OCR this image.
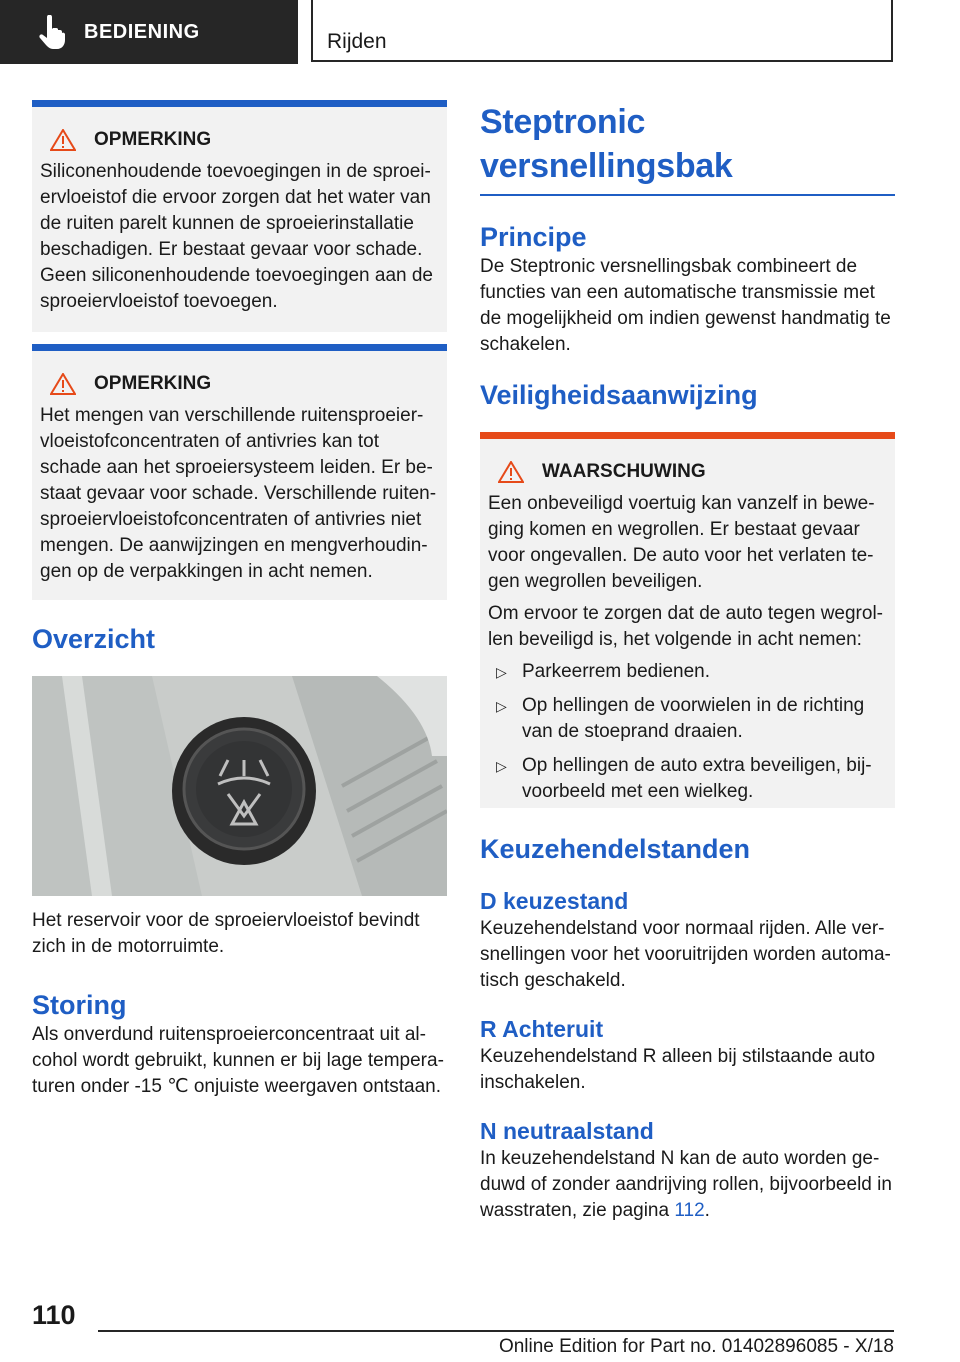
BEDIENING	Rijden
OPMERKING

Siliconenhoudende toevoegingen in de sproei-ervloeistof die ervoor zorgen dat het water van de ruiten parelt kunnen de sproeierinstallatie beschadigen. Er bestaat gevaar voor schade. Geen siliconenhoudende toevoegingen aan de sproeiervloeistof toevoegen.

OPMERKING

Het mengen van verschillende ruitensproeier-vloeistofconcentraten of antivries kan tot schade aan het sproeiersysteem leiden. Er be-staat gevaar voor schade. Verschillende ruiten-sproeiervloeistofconcentraten of antivries niet mengen. De aanwijzingen en mengverhoudin-gen op de verpakkingen in acht nemen.

Overzicht

Het reservoir voor de sproeiervloeistof bevindt zich in de motorruimte.

Storing

Als onverdund ruitensproeierconcentraat uit al-cohol wordt gebruikt, kunnen er bij lage tempera-turen onder -15 ℃ onjuiste weergaven ontstaan.

Steptronic versnellingsbak
Principe

De Steptronic versnellingsbak combineert de functies van een automatische transmissie met de mogelijkheid om indien gewenst handmatig te schakelen.

Veiligheidsaanwijzing
WAARSCHUWING

Een onbeveiligd voertuig kan vanzelf in bewe-ging komen en wegrollen. Er bestaat gevaar voor ongevallen. De auto voor het verlaten te-gen wegrollen beveiligen.

Om ervoor te zorgen dat de auto tegen wegrol-len beveiligd is, het volgende in acht nemen:

▷ Parkeerrem bedienen.
▷ Op hellingen de voorwielen in de richting van de stoeprand draaien.
▷ Op hellingen de auto extra beveiligen, bij-voorbeeld met een wielkeg.
Keuzehendelstanden
D keuzestand

Keuzehendelstand voor normaal rijden. Alle ver-snellingen voor het vooruitrijden worden automa-tisch geschakeld.

R Achteruit

Keuzehendelstand R alleen bij stilstaande auto inschakelen.

N neutraalstand

In keuzehendelstand N kan de auto worden ge-duwd of zonder aandrijving rollen, bijvoorbeeld in wasstraten, zie pagina 112.

110
Online Edition for Part no. 01402896085 - X/18
